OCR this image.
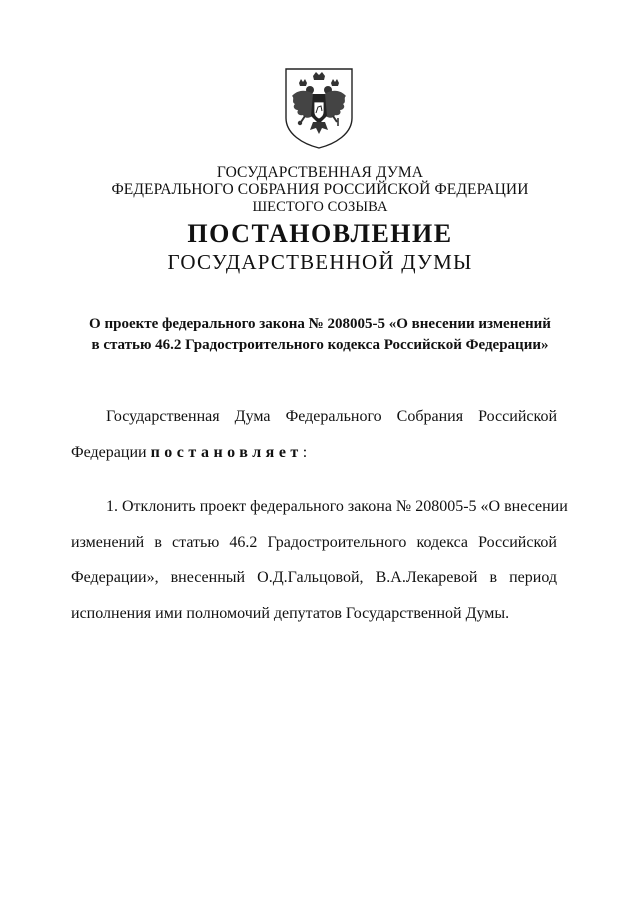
ГОСУДАРСТВЕННАЯ ДУМА
ФЕДЕРАЛЬНОГО СОБРАНИЯ РОССИЙСКОЙ ФЕДЕРАЦИИ
ШЕСТОГО СОЗЫВА
ПОСТАНОВЛЕНИЕ
ГОСУДАРСТВЕННОЙ ДУМЫ
О проекте федерального закона № 208005-5 «О внесении изменений
в статью 46.2 Градостроительного кодекса Российской Федерации»
Государственная Дума Федерального Собрания Российской
Федерации постановляет:
1. Отклонить проект федерального закона № 208005-5 «О внесении
изменений в статью 46.2 Градостроительного кодекса Российской
Федерации», внесенный О.Д.Гальцовой, В.А.Лекаревой в период
исполнения ими полномочий депутатов Государственной Думы.
